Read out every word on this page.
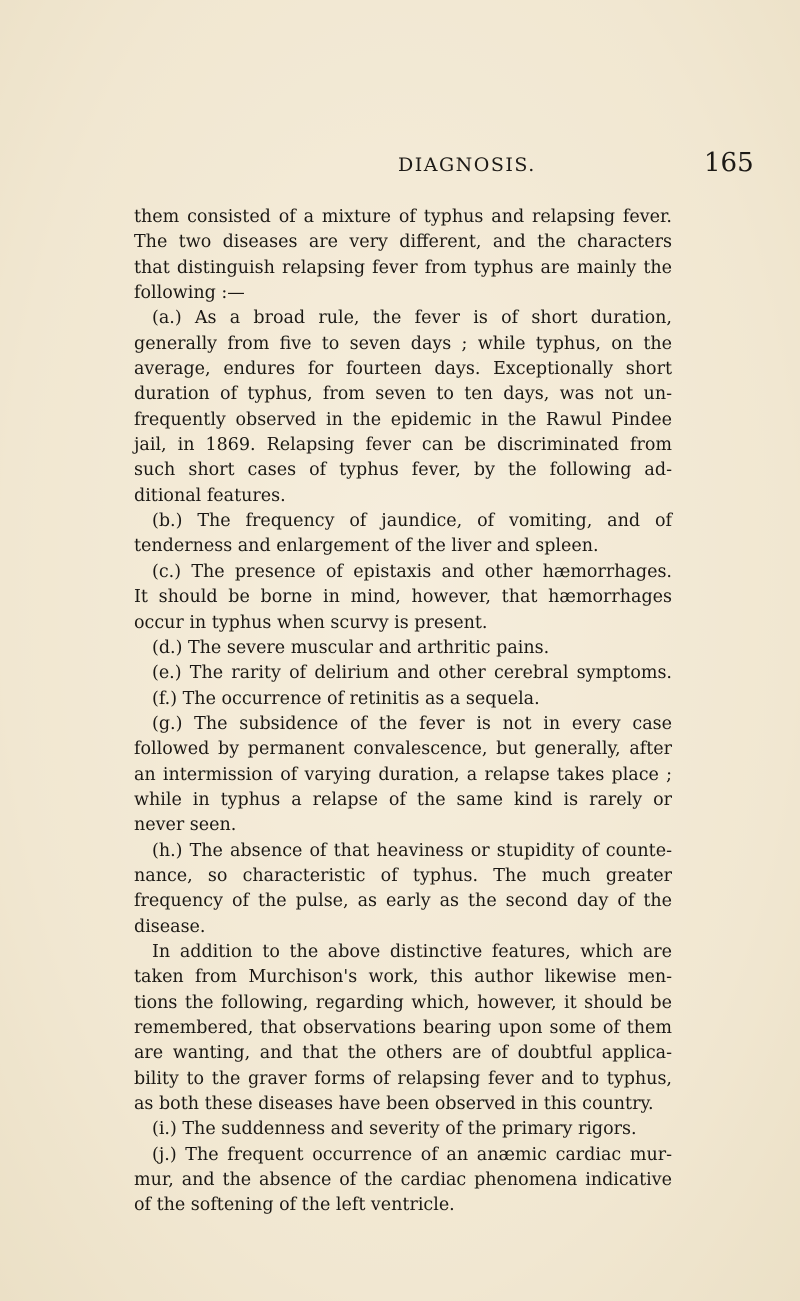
DIAGNOSIS.	165
them consisted of a mixture of typhus and relapsing fever.
The two diseases are very different, and the characters
that distinguish relapsing fever from typhus are mainly the
following :—
(a.) As a broad rule, the fever is of short duration,
generally from five to seven days ; while typhus, on the
average, endures for fourteen days. Exceptionally short
duration of typhus, from seven to ten days, was not un-
frequently observed in the epidemic in the Rawul Pindee
jail, in 1869. Relapsing fever can be discriminated from
such short cases of typhus fever, by the following ad-
ditional features.
(b.) The frequency of jaundice, of vomiting, and of
tenderness and enlargement of the liver and spleen.
(c.) The presence of epistaxis and other hæmorrhages.
It should be borne in mind, however, that hæmorrhages
occur in typhus when scurvy is present.
(d.) The severe muscular and arthritic pains.
(e.) The rarity of delirium and other cerebral symptoms.
(f.) The occurrence of retinitis as a sequela.
(g.) The subsidence of the fever is not in every case
followed by permanent convalescence, but generally, after
an intermission of varying duration, a relapse takes place ;
while in typhus a relapse of the same kind is rarely or
never seen.
(h.) The absence of that heaviness or stupidity of counte-
nance, so characteristic of typhus. The much greater
frequency of the pulse, as early as the second day of the
disease.
In addition to the above distinctive features, which are
taken from Murchison's work, this author likewise men-
tions the following, regarding which, however, it should be
remembered, that observations bearing upon some of them
are wanting, and that the others are of doubtful applica-
bility to the graver forms of relapsing fever and to typhus,
as both these diseases have been observed in this country.
(i.) The suddenness and severity of the primary rigors.
(j.) The frequent occurrence of an anæmic cardiac mur-
mur, and the absence of the cardiac phenomena indicative
of the softening of the left ventricle.
